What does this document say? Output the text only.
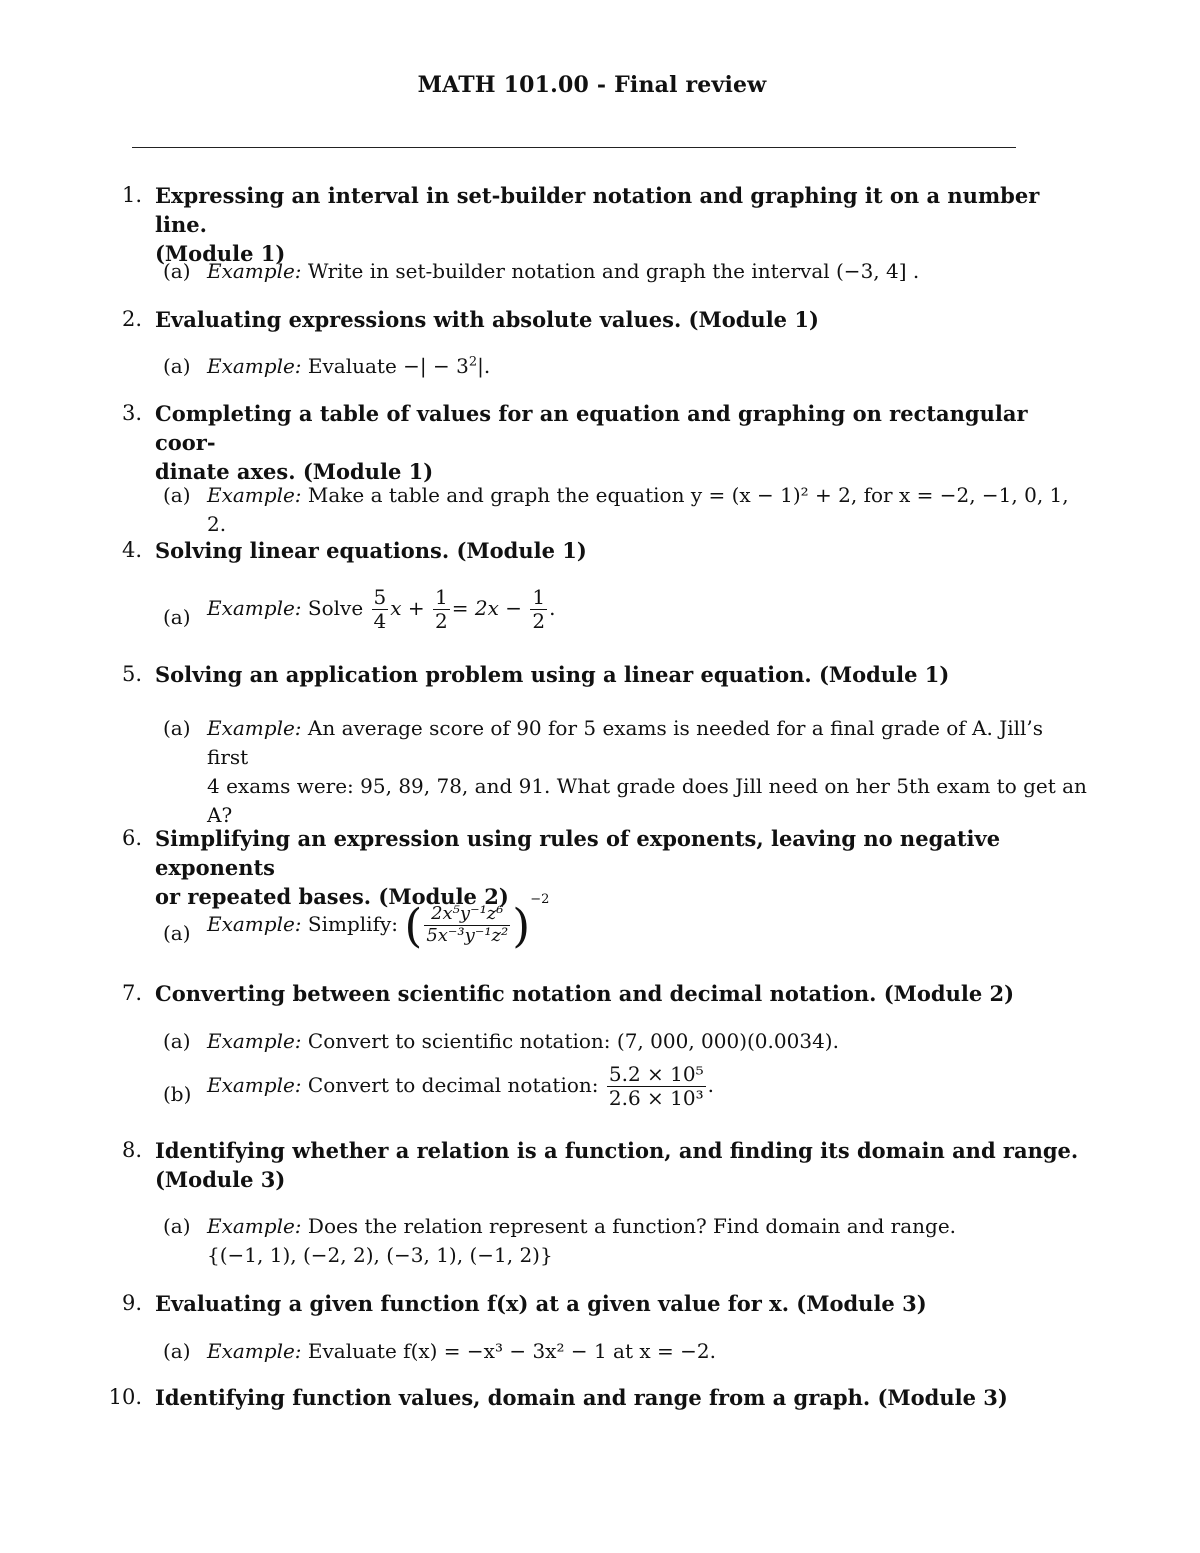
MATH 101.00 - Final review
1. Expressing an interval in set-builder notation and graphing it on a number line.
(Module 1)
(a) Example: Write in set-builder notation and graph the interval (−3, 4] .
2. Evaluating expressions with absolute values. (Module 1)
(a) Example: Evaluate −| − $3^2|$.
3. Completing a table of values for an equation and graphing on rectangular coor-
dinate axes. (Module 1)
(a) Example: Make a table and graph the equation y = (x − 1)² + 2, for x = −2, −1, 0, 1, 2.
4. Solving linear equations. (Module 1)
(a) Example: Solve $\frac{5}{4}$ $x + \frac{1}{2} = 2x - \frac{1}{2}$ .
5. Solving an application problem using a linear equation. (Module 1)
(a) Example: An average score of 90 for 5 exams is needed for a final grade of A. Jill’s first
4 exams were: 95, 89, 78, and 91. What grade does Jill need on her 5th exam to get an
A?
6. Simplifying an expression using rules of exponents, leaving no negative exponents
or repeated bases. (Module 2)
(a) Example: Simplify: ( $\frac{\text{2x⁵y⁻¹z⁶}}{\text{5x⁻³y⁻¹z²}} )^{-2}$
7. Converting between scientific notation and decimal notation. (Module 2)
(a) Example: Convert to scientific notation: (7, 000, 000)(0.0034).
(b) Example: Convert to decimal notation: $\frac{\text{5.2 × 10⁵}}{\text{2.6 × 10³}}$ .
8. Identifying whether a relation is a function, and finding its domain and range.
(Module 3)
(a) Example: Does the relation represent a function? Find domain and range.
{(−1, 1), (−2, 2), (−3, 1), (−1, 2)}
9. Evaluating a given function f(x) at a given value for x. (Module 3)
(a) Example: Evaluate f(x) = −x³ − 3x² − 1 at x = −2.
10. Identifying function values, domain and range from a graph. (Module 3)
